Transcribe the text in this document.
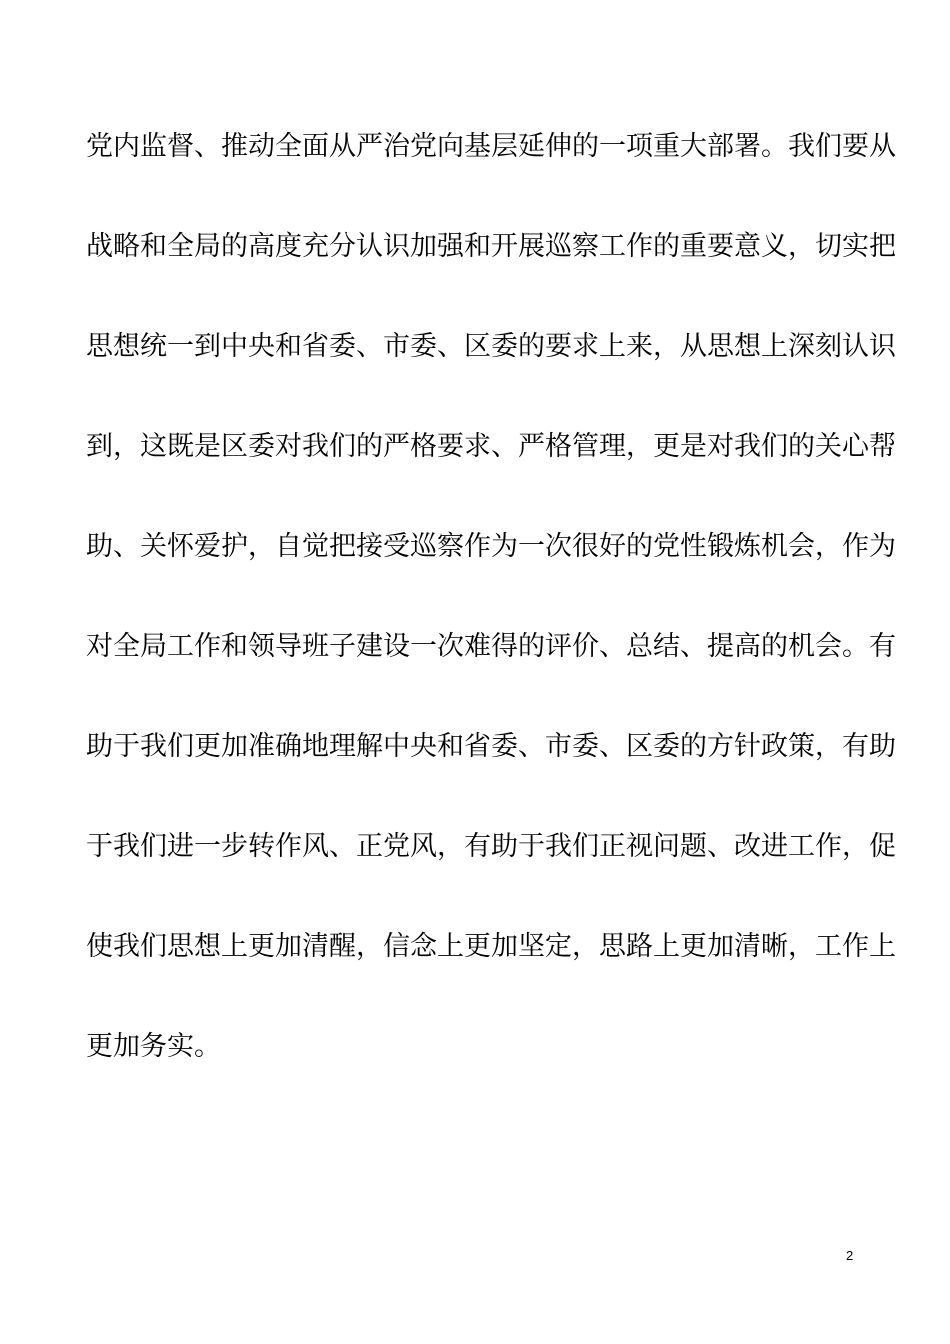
党内监督、推动全面从严治党向基层延伸的一项重大部署。我们要从
战略和全局的高度充分认识加强和开展巡察工作的重要意义，切实把
思想统一到中央和省委、市委、区委的要求上来，从思想上深刻认识
到，这既是区委对我们的严格要求、严格管理，更是对我们的关心帮
助、关怀爱护，自觉把接受巡察作为一次很好的党性锻炼机会，作为
对全局工作和领导班子建设一次难得的评价、总结、提高的机会。有
助于我们更加准确地理解中央和省委、市委、区委的方针政策，有助
于我们进一步转作风、正党风，有助于我们正视问题、改进工作，促
使我们思想上更加清醒，信念上更加坚定，思路上更加清晰，工作上
更加务实。
2
